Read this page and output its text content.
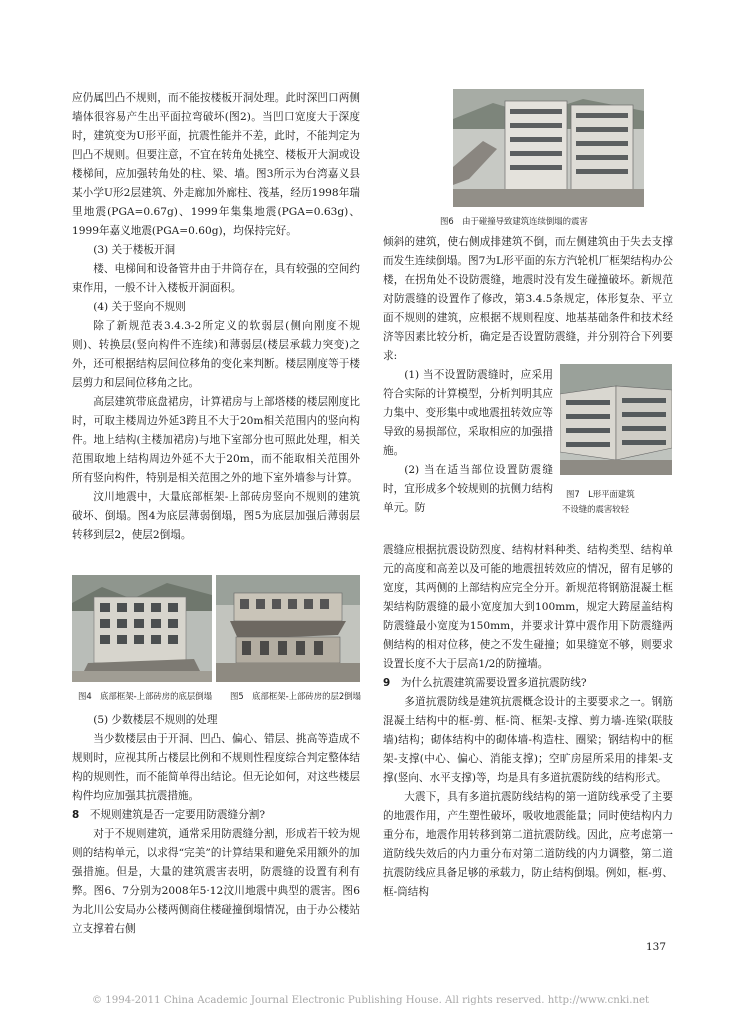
应仍属凹凸不规则，而不能按楼板开洞处理。此时深凹口两侧墙体很容易产生出平面拉弯破坏(图2)。当凹口宽度大于深度时，建筑变为U形平面，抗震性能并不差，此时，不能判定为凹凸不规则。但要注意，不宜在转角处挑空、楼板开大洞或设楼梯间，应加强转角处的柱、梁、墙。图3所示为台湾嘉义县某小学U形2层建筑、外走廊加外廊柱、筏基，经历1998年瑞里地震(PGA=0.67g)、1999年集集地震(PGA=0.63g)、1999年嘉义地震(PGA=0.60g)，均保持完好。

(3) 关于楼板开洞

楼、电梯间和设备管井由于井筒存在，具有较强的空间约束作用，一般不计入楼板开洞面积。

(4) 关于竖向不规则

除了新规范表3.4.3-2所定义的软弱层(侧向刚度不规则)、转换层(竖向构件不连续)和薄弱层(楼层承载力突变)之外，还可根据结构层间位移角的变化来判断。楼层刚度等于楼层剪力和层间位移角之比。

高层建筑带底盘裙房，计算裙房与上部塔楼的楼层刚度比时，可取主楼周边外延3跨且不大于20m相关范围内的竖向构件。地上结构(主楼加裙房)与地下室部分也可照此处理，相关范围取地上结构周边外延不大于20m，而不能取相关范围外所有竖向构件，特别是相关范围之外的地下室外墙参与计算。

汶川地震中，大量底部框架-上部砖房竖向不规则的建筑破坏、倒塌。图4为底层薄弱倒塌，图5为底层加强后薄弱层转移到层2，使层2倒塌。

图4　底部框架-上部砖房的底层倒塌	图5　底部框架-上部砖房的层2倒塌

(5) 少数楼层不规则的处理

当少数楼层由于开洞、凹凸、偏心、错层、挑高等造成不规则时，应视其所占楼层比例和不规则性程度综合判定整体结构的规则性，而不能简单得出结论。但无论如何，对这些楼层构件均应加强其抗震措施。

8　 不规则建筑是否一定要用防震缝分割?

对于不规则建筑，通常采用防震缝分割，形成若干较为规则的结构单元，以求得“完美”的计算结果和避免采用额外的加强措施。但是，大量的建筑震害表明，防震缝的设置有利有弊。图6、7分别为2008年5·12汶川地震中典型的震害。图6为北川公安局办公楼两侧商住楼碰撞倒塌情况，由于办公楼站立支撑着右侧

图6　由于碰撞导致建筑连续倒塌的震害

倾斜的建筑，使右侧成排建筑不倒，而左侧建筑由于失去支撑而发生连续倒塌。图7为L形平面的东方汽轮机厂框架结构办公楼，在拐角处不设防震缝，地震时没有发生碰撞破坏。新规范对防震缝的设置作了修改，第3.4.5条规定，体形复杂、平立面不规则的建筑，应根据不规则程度、地基基础条件和技术经济等因素比较分析，确定是否设置防震缝，并分别符合下列要求:

(1) 当不设置防震缝时，应采用符合实际的计算模型，分析判明其应力集中、变形集中或地震扭转效应等导致的易损部位，采取相应的加强措施。

(2) 当在适当部位设置防震缝时，宜形成多个较规则的抗侧力结构单元。防

图7　L形平面建筑
不设缝的震害较轻

震缝应根据抗震设防烈度、结构材料种类、结构类型、结构单元的高度和高差以及可能的地震扭转效应的情况，留有足够的宽度，其两侧的上部结构应完全分开。新规范将钢筋混凝土框架结构防震缝的最小宽度加大到100mm，规定大跨屋盖结构防震缝最小宽度为150mm，并要求计算中震作用下防震缝两侧结构的相对位移，使之不发生碰撞；如果缝宽不够，则要求设置长度不大于层高1/2的防撞墙。

9　 为什么抗震建筑需要设置多道抗震防线?

多道抗震防线是建筑抗震概念设计的主要要求之一。钢筋混凝土结构中的框-剪、框-筒、框架-支撑、剪力墙-连梁(联肢墙)结构；砌体结构中的砌体墙-构造柱、圈梁；钢结构中的框架-支撑(中心、偏心、消能支撑)；空旷房屋所采用的排架-支撑(竖向、水平支撑)等，均是具有多道抗震防线的结构形式。

大震下，具有多道抗震防线结构的第一道防线承受了主要的地震作用，产生塑性破坏，吸收地震能量；同时使结构内力重分布，地震作用转移到第二道抗震防线。因此，应考虑第一道防线失效后的内力重分布对第二道防线的内力调整，第二道抗震防线应具备足够的承载力，防止结构倒塌。例如，框-剪、框-筒结构

137
© 1994-2011 China Academic Journal Electronic Publishing House. All rights reserved. http://www.cnki.net
